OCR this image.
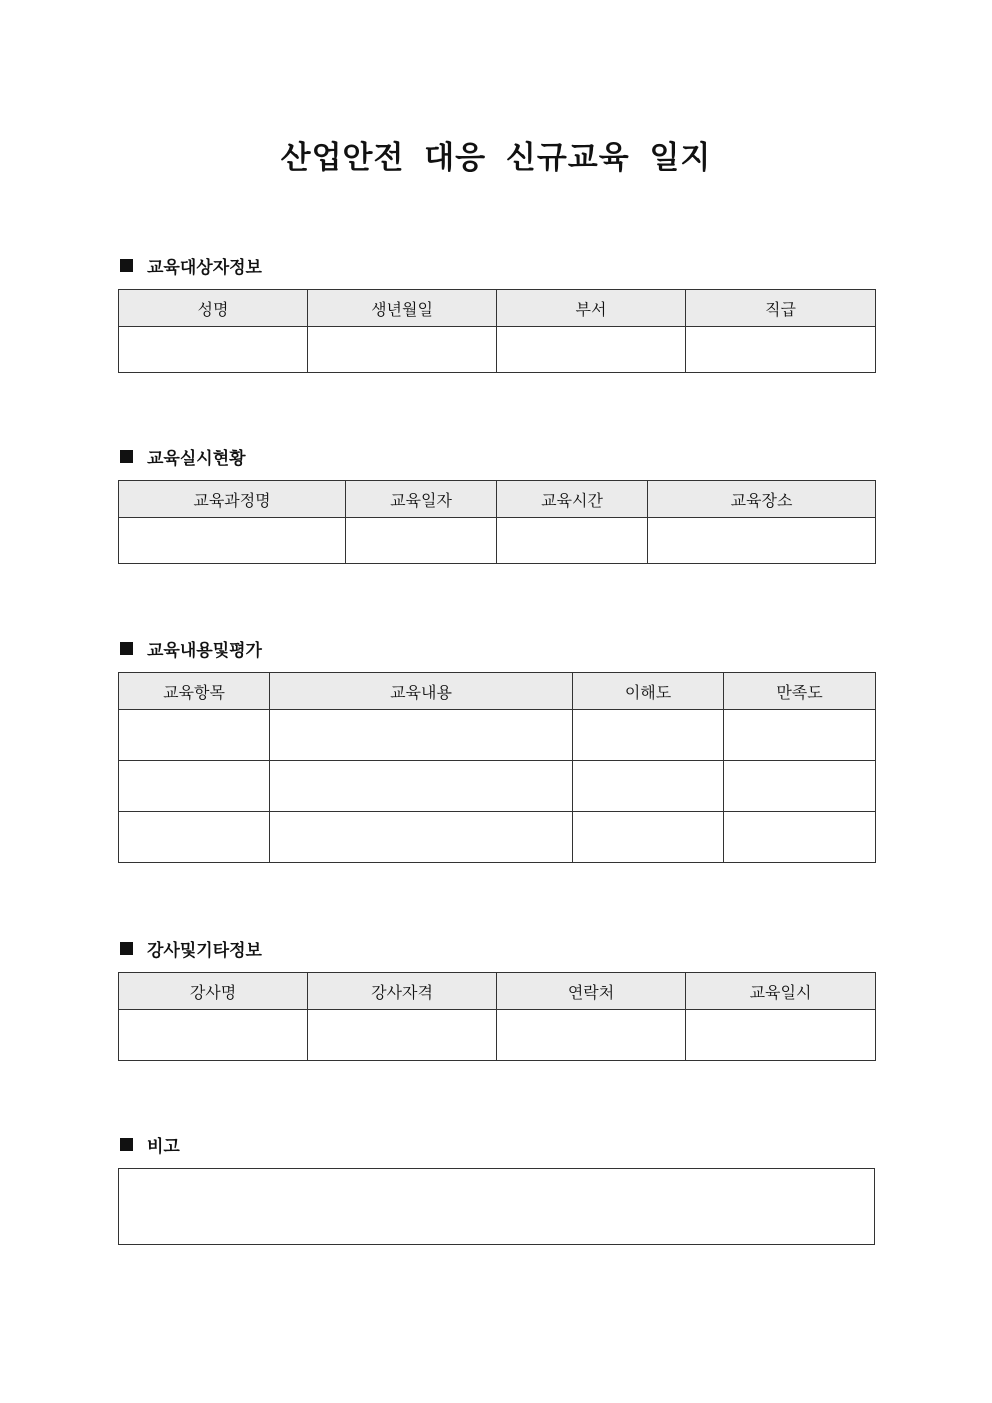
산업안전 대응 신규교육 일지
교육대상자정보
성명	생년월일	부서	직급

교육실시현황
교육과정명	교육일자	교육시간	교육장소

교육내용및평가
교육항목	교육내용	이해도	만족도

강사및기타정보
강사명	강사자격	연락처	교육일시

비고
